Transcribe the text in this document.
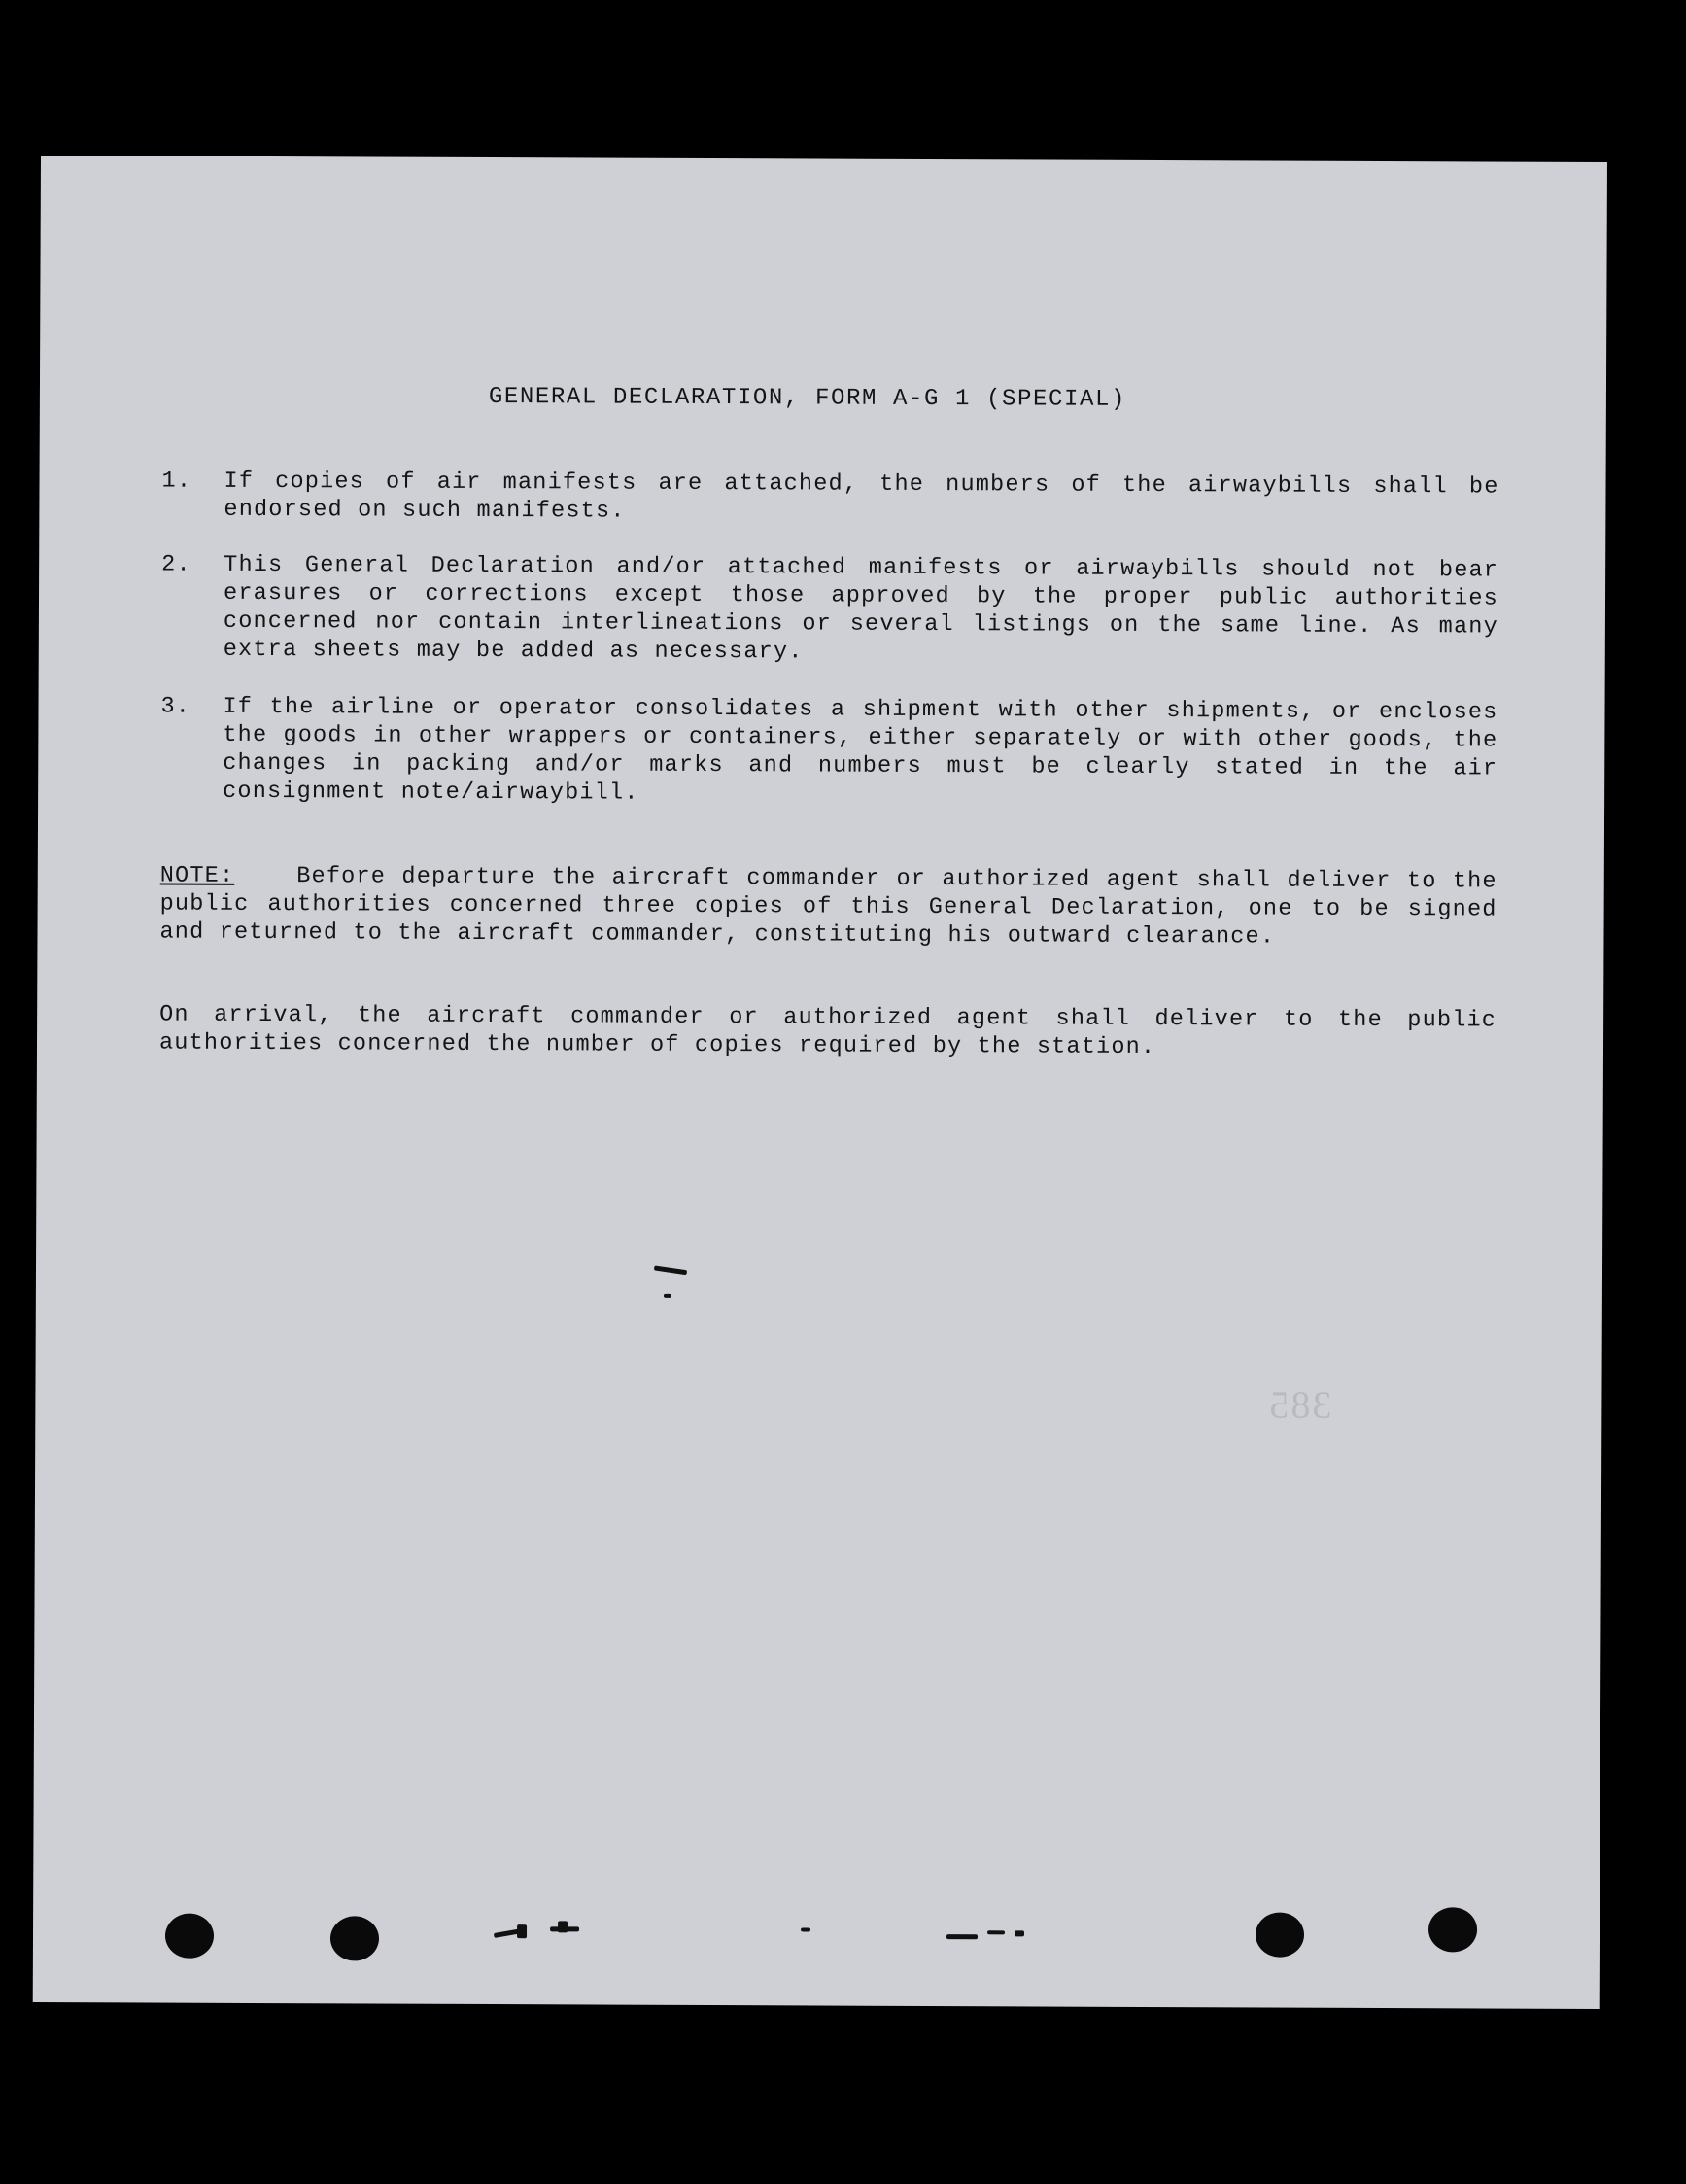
GENERAL DECLARATION, FORM A-G 1 (SPECIAL)
1.	If copies of air manifests are attached, the numbers of the airwaybills shall be endorsed on such manifests.
2.	This General Declaration and/or attached manifests or airwaybills should not bear erasures or corrections except those approved by the proper public authorities concerned nor contain interlineations or several listings on the same line. As many extra sheets may be added as necessary.
3.	If the airline or operator consolidates a shipment with other shipments, or encloses the goods in other wrappers or containers, either separately or with other goods, the changes in packing and/or marks and numbers must be clearly stated in the air consignment note/airwaybill.
NOTE:	Before departure the aircraft commander or authorized agent shall deliver to the public authorities concerned three copies of this General Declaration, one to be signed and returned to the aircraft commander, constituting his outward clearance.
On arrival, the aircraft commander or authorized agent shall deliver to the public authorities concerned the number of copies required by the station.
385
